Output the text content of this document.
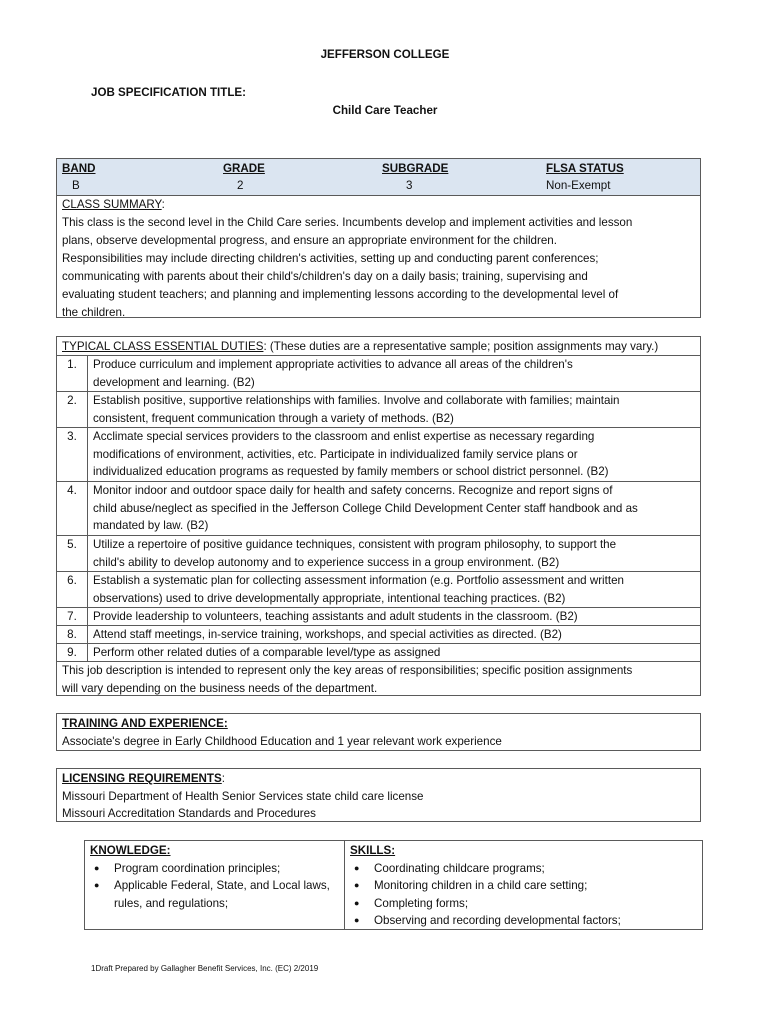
JEFFERSON COLLEGE
JOB SPECIFICATION TITLE:
Child Care Teacher
BAND	GRADE	SUBGRADE	FLSA STATUS
B	2	3	Non-Exempt
CLASS SUMMARY:
This class is the second level in the Child Care series. Incumbents develop and implement activities and lesson
plans, observe developmental progress, and ensure an appropriate environment for the children.
Responsibilities may include directing children's activities, setting up and conducting parent conferences;
communicating with parents about their child's/children's day on a daily basis; training, supervising and
evaluating student teachers; and planning and implementing lessons according to the developmental level of
the children.
TYPICAL CLASS ESSENTIAL DUTIES: (These duties are a representative sample; position assignments may vary.)
1.	Produce curriculum and implement appropriate activities to advance all areas of the children's
development and learning. (B2)
2.	Establish positive, supportive relationships with families. Involve and collaborate with families; maintain
consistent, frequent communication through a variety of methods. (B2)
3.	Acclimate special services providers to the classroom and enlist expertise as necessary regarding
modifications of environment, activities, etc. Participate in individualized family service plans or
individualized education programs as requested by family members or school district personnel. (B2)
4.	Monitor indoor and outdoor space daily for health and safety concerns. Recognize and report signs of
child abuse/neglect as specified in the Jefferson College Child Development Center staff handbook and as
mandated by law. (B2)
5.	Utilize a repertoire of positive guidance techniques, consistent with program philosophy, to support the
child's ability to develop autonomy and to experience success in a group environment. (B2)
6.	Establish a systematic plan for collecting assessment information (e.g. Portfolio assessment and written
observations) used to drive developmentally appropriate, intentional teaching practices. (B2)
7.	Provide leadership to volunteers, teaching assistants and adult students in the classroom. (B2)
8.	Attend staff meetings, in-service training, workshops, and special activities as directed. (B2)
9.	Perform other related duties of a comparable level/type as assigned
This job description is intended to represent only the key areas of responsibilities; specific position assignments
will vary depending on the business needs of the department.
TRAINING AND EXPERIENCE:
Associate's degree in Early Childhood Education and 1 year relevant work experience
LICENSING REQUIREMENTS:
Missouri Department of Health Senior Services state child care license
Missouri Accreditation Standards and Procedures
KNOWLEDGE:
● Program coordination principles;
● Applicable Federal, State, and Local laws, rules, and regulations;
SKILLS:
● Coordinating childcare programs;
● Monitoring children in a child care setting;
● Completing forms;
● Observing and recording developmental factors;
1Draft Prepared by Gallagher Benefit Services, Inc. (EC) 2/2019
